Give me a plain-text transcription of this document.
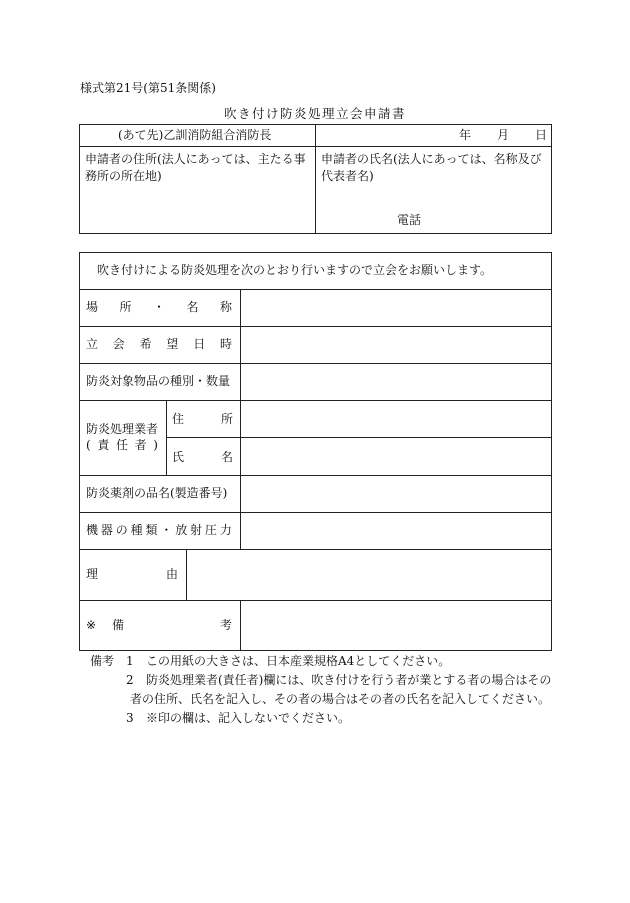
様式第21号(第51条関係)
吹き付け防炎処理立会申請書
(あて先)乙訓消防組合消防長	年 月 日
申請者の住所(法人にあっては、主たる事
務所の所在地)
申請者の氏名(法人にあっては、名称及び
代表者名)
電話
吹き付けによる防炎処理を次のとおり行いますので立会をお願いします。
場 所 ・ 名 称
立 会 希 望 日 時
防炎対象物品の種別・数量
防炎処理業者
( 責 任 者 )
住	所
氏	名
防炎薬剤の品名(製造番号)
機 器 の 種 類 ・ 放 射 圧 力
理	由
※ 備	考
備考 1 この用紙の大きさは、日本産業規格A4としてください。
2 防炎処理業者(責任者)欄には、吹き付けを行う者が業とする者の場合はその
者の住所、氏名を記入し、その者の場合はその者の氏名を記入してください。
3 ※印の欄は、記入しないでください。
